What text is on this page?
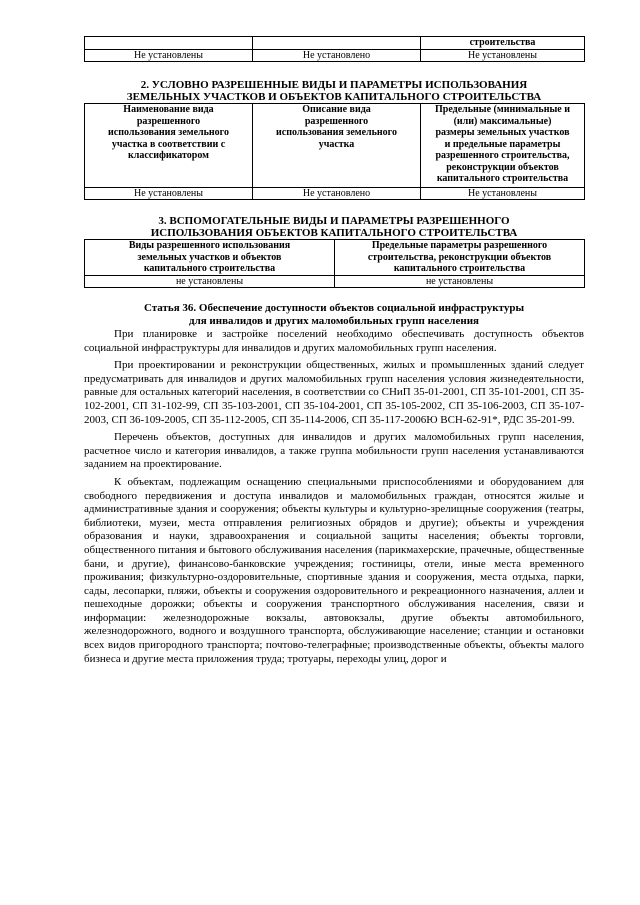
		строительства
Не установлены	Не установлено	Не установлены
2. УСЛОВНО РАЗРЕШЕННЫЕ ВИДЫ И ПАРАМЕТРЫ ИСПОЛЬЗОВАНИЯ
ЗЕМЕЛЬНЫХ УЧАСТКОВ И ОБЪЕКТОВ КАПИТАЛЬНОГО СТРОИТЕЛЬСТВА
Наименование вида разрешенного использования земельного участка в соответствии с классификатором	Описание вида разрешенного использования земельного участка	Предельные (минимальные и (или) максимальные) размеры земельных участков и предельные параметры разрешенного строительства, реконструкции объектов капитального строительства
Не установлены	Не установлено	Не установлены
3. ВСПОМОГАТЕЛЬНЫЕ ВИДЫ И ПАРАМЕТРЫ РАЗРЕШЕННОГО
ИСПОЛЬЗОВАНИЯ ОБЪЕКТОВ КАПИТАЛЬНОГО СТРОИТЕЛЬСТВА
Виды разрешенного использования земельных участков и объектов капитального строительства	Предельные параметры разрешенного строительства, реконструкции объектов капитального строительства
не установлены	не установлены
Статья 36. Обеспечение доступности объектов социальной инфраструктуры
для инвалидов и других маломобильных групп населения

При планировке и застройке поселений необходимо обеспечивать доступность объектов социальной инфраструктуры для инвалидов и других маломобильных групп населения.

При проектировании и реконструкции общественных, жилых и промышленных зданий следует предусматривать для инвалидов и других маломобильных групп населения условия жизнедеятельности, равные для остальных категорий населения, в соответствии со СНиП 35-01-2001, СП 35-101-2001, СП 35-102-2001, СП 31-102-99, СП 35-103-2001, СП 35-104-2001, СП 35-105-2002, СП 35-106-2003, СП 35-107-2003, СП 36-109-2005, СП 35-112-2005, СП 35-114-2006, СП 35-117-2006Ю ВСН-62-91*, РДС 35-201-99.

Перечень объектов, доступных для инвалидов и других маломобильных групп населения, расчетное число и категория инвалидов, а также группа мобильности групп населения устанавливаются заданием на проектирование.

К объектам, подлежащим оснащению специальными приспособлениями и оборудованием для свободного передвижения и доступа инвалидов и маломобильных граждан, относятся жилые и административные здания и сооружения; объекты культуры и культурно-зрелищные сооружения (театры, библиотеки, музеи, места отправления религиозных обрядов и другие); объекты и учреждения образования и науки, здравоохранения и социальной защиты населения; объекты торговли, общественного питания и бытового обслуживания населения (парикмахерские, прачечные, общественные бани, и другие), финансово-банковские учреждения; гостиницы, отели, иные места временного проживания; физкультурно-оздоровительные, спортивные здания и сооружения, места отдыха, парки, сады, лесопарки, пляжи, объекты и сооружения оздоровительного и рекреационного назначения, аллеи и пешеходные дорожки; объекты и сооружения транспортного обслуживания населения, связи и информации: железнодорожные вокзалы, автовокзалы, другие объекты автомобильного, железнодорожного, водного и воздушного транспорта, обслуживающие население; станции и остановки всех видов пригородного транспорта; почтово-телеграфные; производственные объекты, объекты малого бизнеса и другие места приложения труда; тротуары, переходы улиц, дорог и
